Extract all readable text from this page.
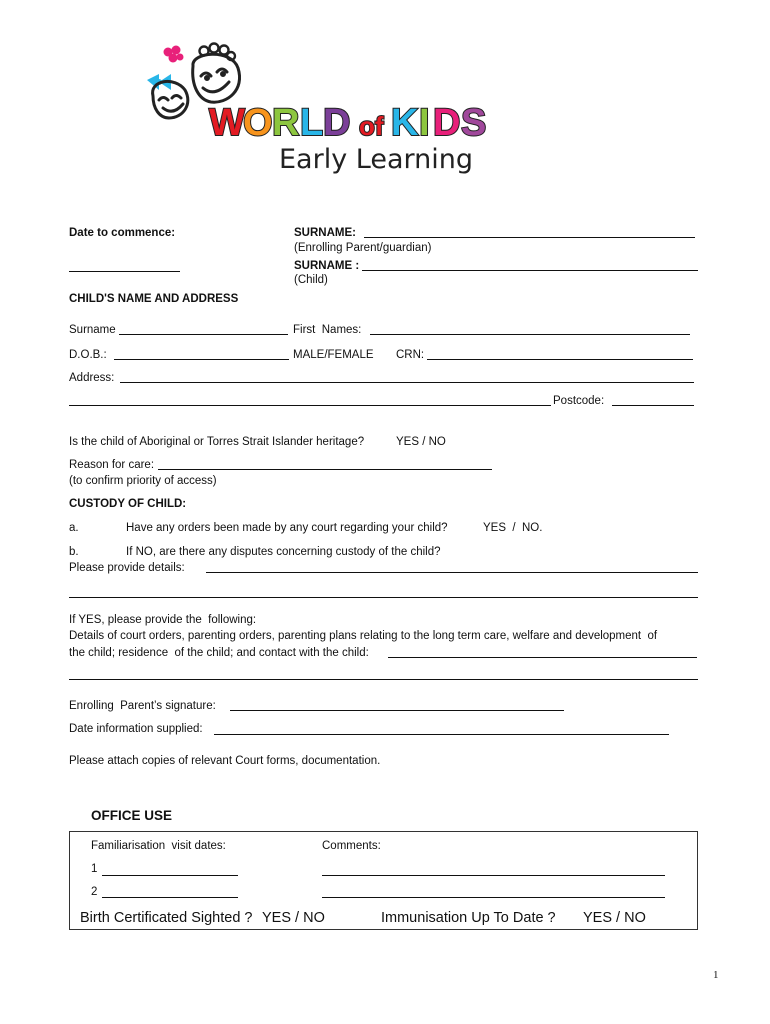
W
O R L D of K I D S
Early Learning
Date to commence:	SURNAME:
(Enrolling Parent/guardian)
SURNAME :
(Child)
CHILD'S NAME AND ADDRESS
Surname	First  Names:
D.O.B.:	MALE/FEMALE CRN:
Address:
Postcode:
Is the child of Aboriginal or Torres Strait Islander heritage?	YES / NO
Reason for care:
(to confirm priority of access)
CUSTODY OF CHILD:
a.	Have any orders been made by any court regarding your child?	YES  /  NO.
b.	If NO, are there any disputes concerning custody of the child?
Please provide details:
If YES, please provide the  following:
Details of court orders, parenting orders, parenting plans relating to the long term care, welfare and development  of
the child; residence  of the child; and contact with the child:
Enrolling  Parent’s signature:
Date information supplied:
Please attach copies of relevant Court forms, documentation.
OFFICE USE
Familiarisation  visit dates:	Comments:
1
2
Birth Certificated Sighted ? YES / NO	Immunisation Up To Date ? YES / NO
1
